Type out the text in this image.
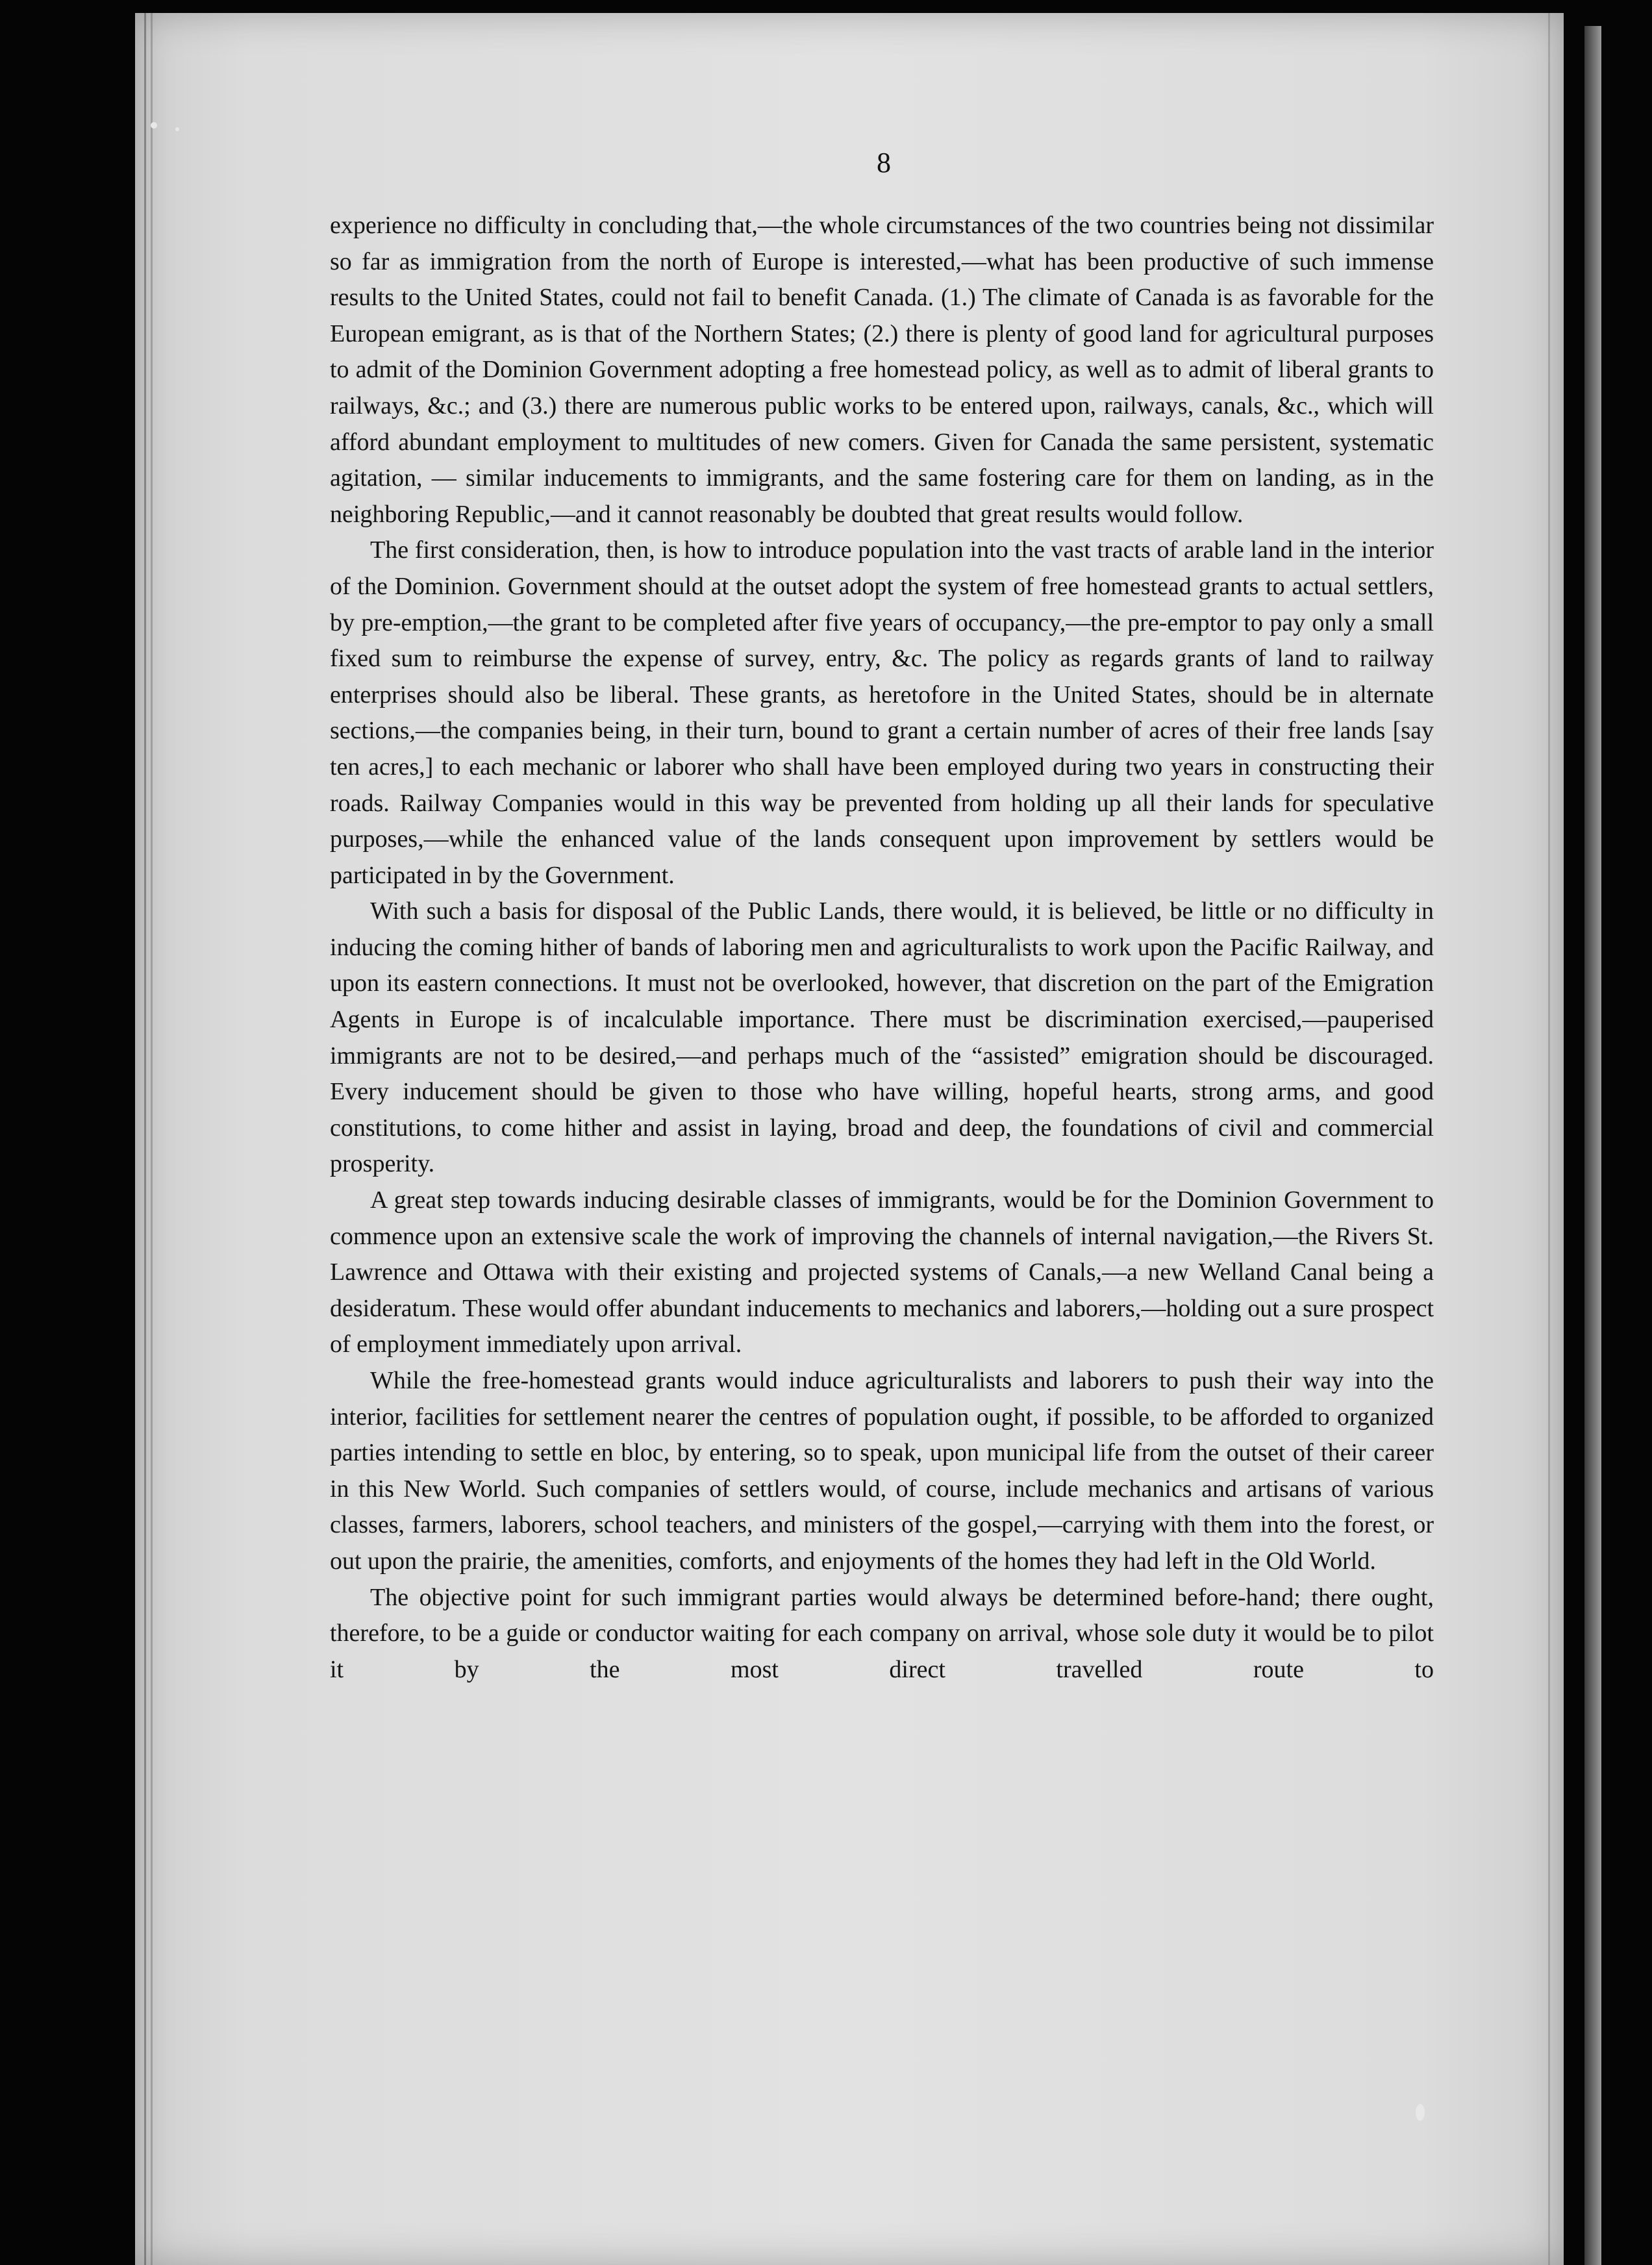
8

experience no difficulty in concluding that,—the whole circumstances of the two countries being not dissimilar so far as immigration from the north of Europe is interested,—what has been productive of such immense results to the United States, could not fail to benefit Canada. (1.) The climate of Canada is as favorable for the European emigrant, as is that of the Northern States; (2.) there is plenty of good land for agricultural purposes to admit of the Dominion Government adopting a free homestead policy, as well as to admit of liberal grants to railways, &c.; and (3.) there are numerous public works to be entered upon, railways, canals, &c., which will afford abundant employment to multitudes of new comers. Given for Canada the same persistent, systematic agitation, — similar inducements to immigrants, and the same fostering care for them on landing, as in the neighboring Republic,—and it cannot reasonably be doubted that great results would follow.

The first consideration, then, is how to introduce population into the vast tracts of arable land in the interior of the Dominion. Government should at the outset adopt the system of free homestead grants to actual settlers, by pre-emption,—the grant to be completed after five years of occupancy,—the pre-emptor to pay only a small fixed sum to reimburse the expense of survey, entry, &c. The policy as regards grants of land to railway enterprises should also be liberal. These grants, as heretofore in the United States, should be in alternate sections,—the companies being, in their turn, bound to grant a certain number of acres of their free lands [say ten acres,] to each mechanic or laborer who shall have been employed during two years in constructing their roads. Railway Companies would in this way be prevented from holding up all their lands for speculative purposes,—while the enhanced value of the lands consequent upon improvement by settlers would be participated in by the Government.

With such a basis for disposal of the Public Lands, there would, it is believed, be little or no difficulty in inducing the coming hither of bands of laboring men and agriculturalists to work upon the Pacific Railway, and upon its eastern connections. It must not be overlooked, however, that discretion on the part of the Emigration Agents in Europe is of incalculable importance. There must be discrimination exercised,—pauperised immigrants are not to be desired,—and perhaps much of the “assisted” emigration should be discouraged. Every inducement should be given to those who have willing, hopeful hearts, strong arms, and good constitutions, to come hither and assist in laying, broad and deep, the foundations of civil and commercial prosperity.

A great step towards inducing desirable classes of immigrants, would be for the Dominion Government to commence upon an extensive scale the work of improving the channels of internal navigation,—the Rivers St. Lawrence and Ottawa with their existing and projected systems of Canals,—a new Welland Canal being a desideratum. These would offer abundant inducements to mechanics and laborers,—holding out a sure prospect of employment immediately upon arrival.

While the free-homestead grants would induce agriculturalists and laborers to push their way into the interior, facilities for settlement nearer the centres of population ought, if possible, to be afforded to organized parties intending to settle en bloc, by entering, so to speak, upon municipal life from the outset of their career in this New World. Such companies of settlers would, of course, include mechanics and artisans of various classes, farmers, laborers, school teachers, and ministers of the gospel,—carrying with them into the forest, or out upon the prairie, the amenities, comforts, and enjoyments of the homes they had left in the Old World.

The objective point for such immigrant parties would always be determined before-hand; there ought, therefore, to be a guide or conductor waiting for each company on arrival, whose sole duty it would be to pilot it by the most direct travelled route to
